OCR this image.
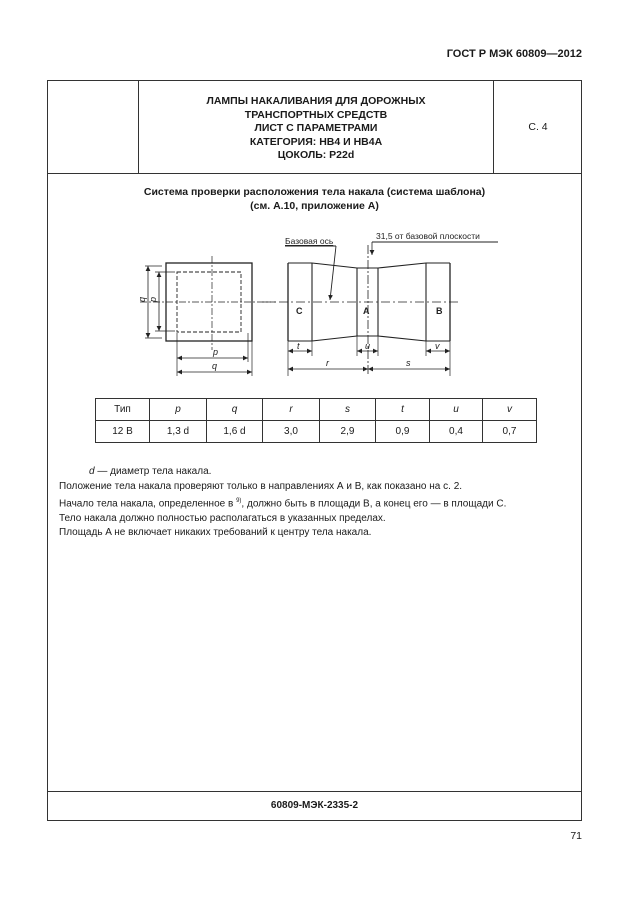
ГОСТ Р МЭК 60809—2012
ЛАМПЫ НАКАЛИВАНИЯ ДЛЯ ДОРОЖНЫХ
ТРАНСПОРТНЫХ СРЕДСТВ
ЛИСТ С ПАРАМЕТРАМИ
КАТЕГОРИЯ: HB4 И HB4A
ЦОКОЛЬ: P22d
С. 4
60809-МЭК-2335-2
Система проверки расположения тела накала (система шаблона)
(см. А.10, приложение А)
Базовая ось	31,5 от базовой плоскости
C	A	B
p
q
q p
t	u	v
r	s
Тип	p	q	r	s	t	u	v
12 В	1,3 d	1,6 d	3,0	2,9	0,9	0,4	0,7
d — диаметр тела накала.
Положение тела накала проверяют только в направлениях А и В, как показано на с. 2.
Начало тела накала, определенное в $^{9)}$, должно быть в площади B, а конец его — в площади С.
Тело накала должно полностью располагаться в указанных пределах.
Площадь A не включает никаких требований к центру тела накала.
71
